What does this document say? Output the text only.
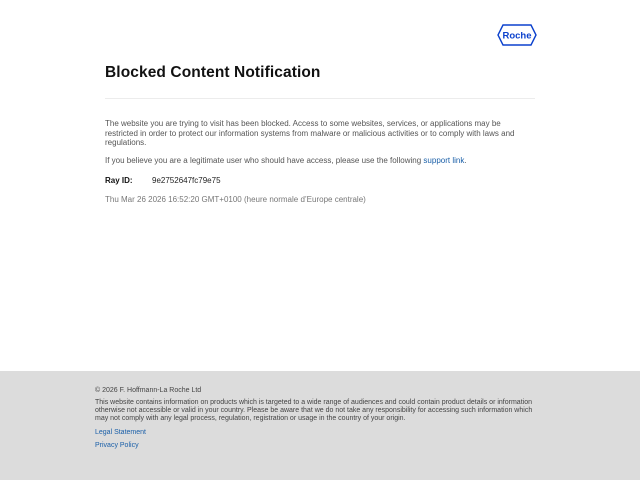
Roche
Blocked Content Notification

The website you are trying to visit has been blocked. Access to some websites, services, or applications may be restricted in order to protect our information systems from malware or malicious activities or to comply with laws and regulations.

If you believe you are a legitimate user who should have access, please use the following support link.

Ray ID: 9e2752647fc79e75
Thu Mar 26 2026 16:52:20 GMT+0100 (heure normale d’Europe centrale)
© 2026 F. Hoffmann-La Roche Ltd

This website contains information on products which is targeted to a wide range of audiences and could contain product details or information otherwise not accessible or valid in your country. Please be aware that we do not take any responsibility for accessing such information which may not comply with any legal process, regulation, registration or usage in the country of your origin.

Legal Statement
Privacy Policy
